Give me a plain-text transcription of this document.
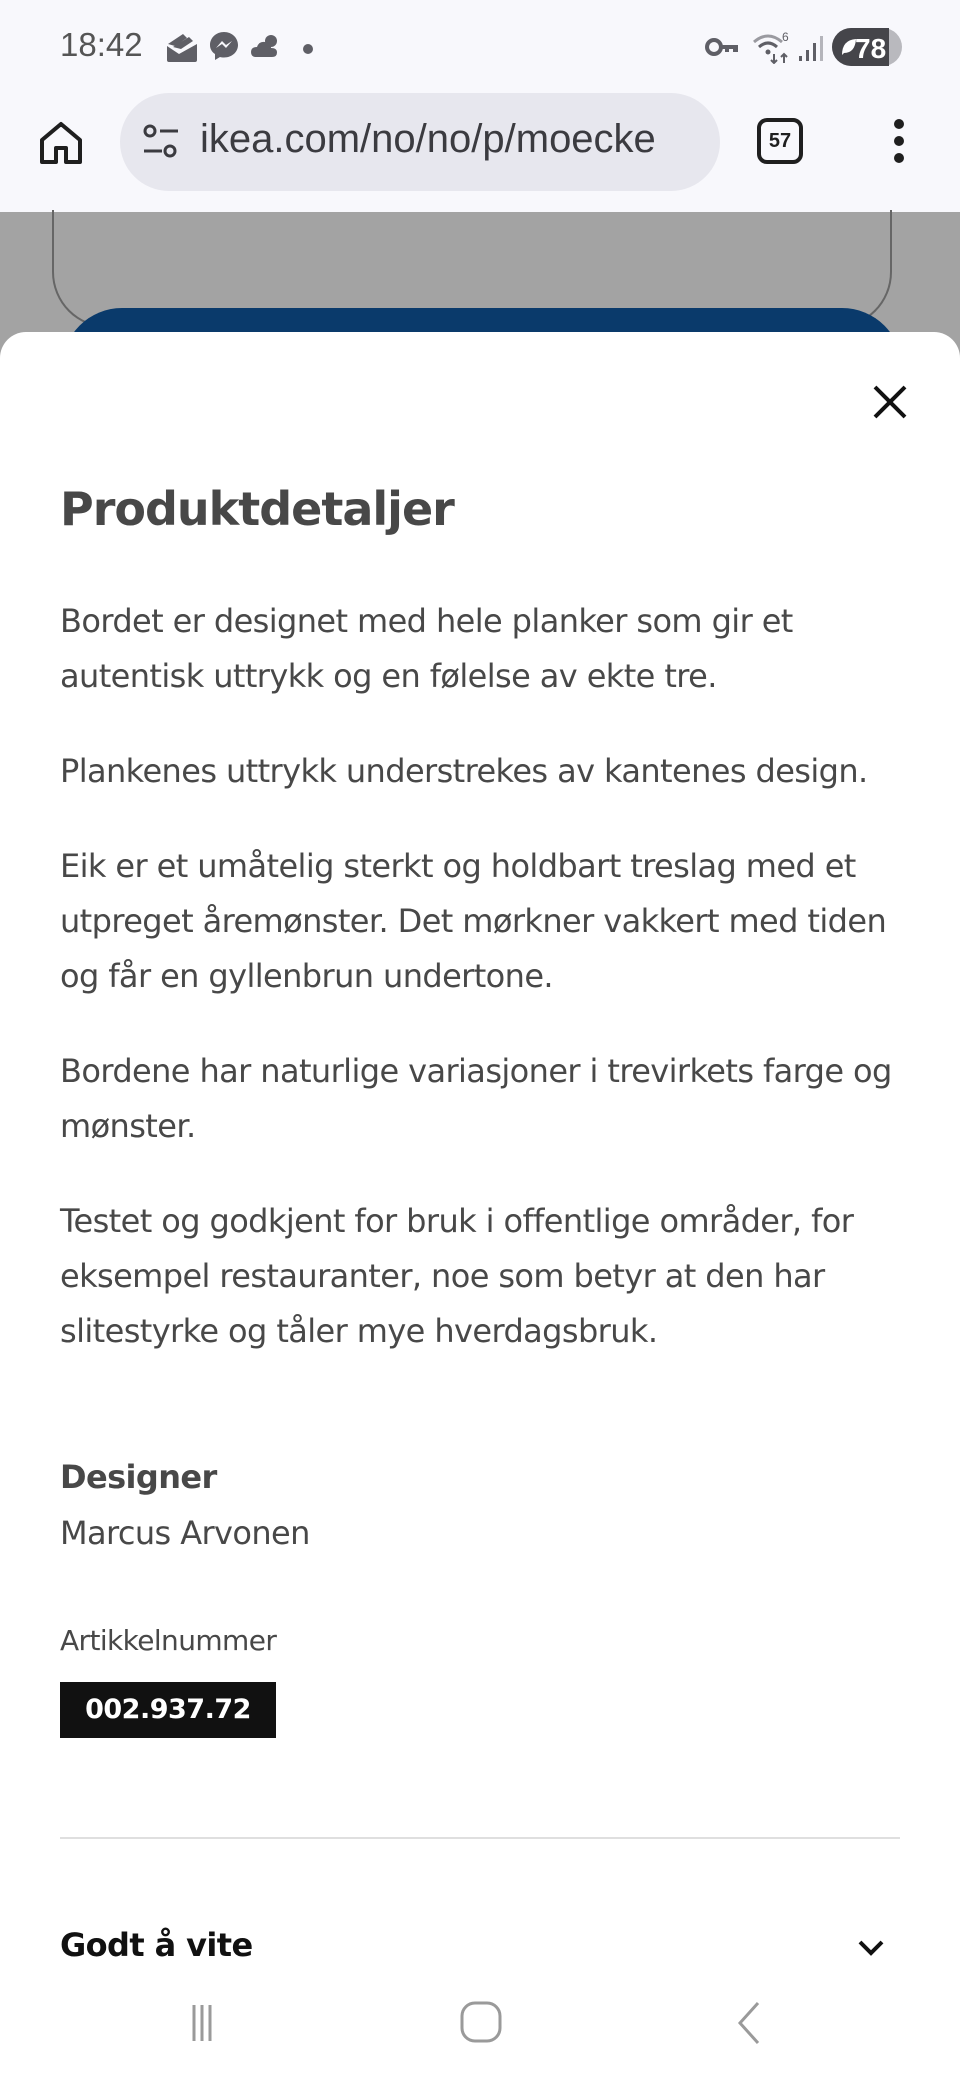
18:42	6 78
ikea.com/no/no/p/moecke	57
Produktdetaljer

Bordet er designet med hele planker som gir et autentisk uttrykk og en følelse av ekte tre.

Plankenes uttrykk understrekes av kantenes design.

Eik er et umåtelig sterkt og holdbart treslag med et utpreget åremønster. Det mørkner vakkert med tiden og får en gyllenbrun undertone.

Bordene har naturlige variasjoner i trevirkets farge og mønster.

Testet og godkjent for bruk i offentlige områder, for eksempel restauranter, noe som betyr at den har slitestyrke og tåler mye hverdagsbruk.

Designer
Marcus Arvonen
Artikkelnummer
002.937.72
Godt å vite
